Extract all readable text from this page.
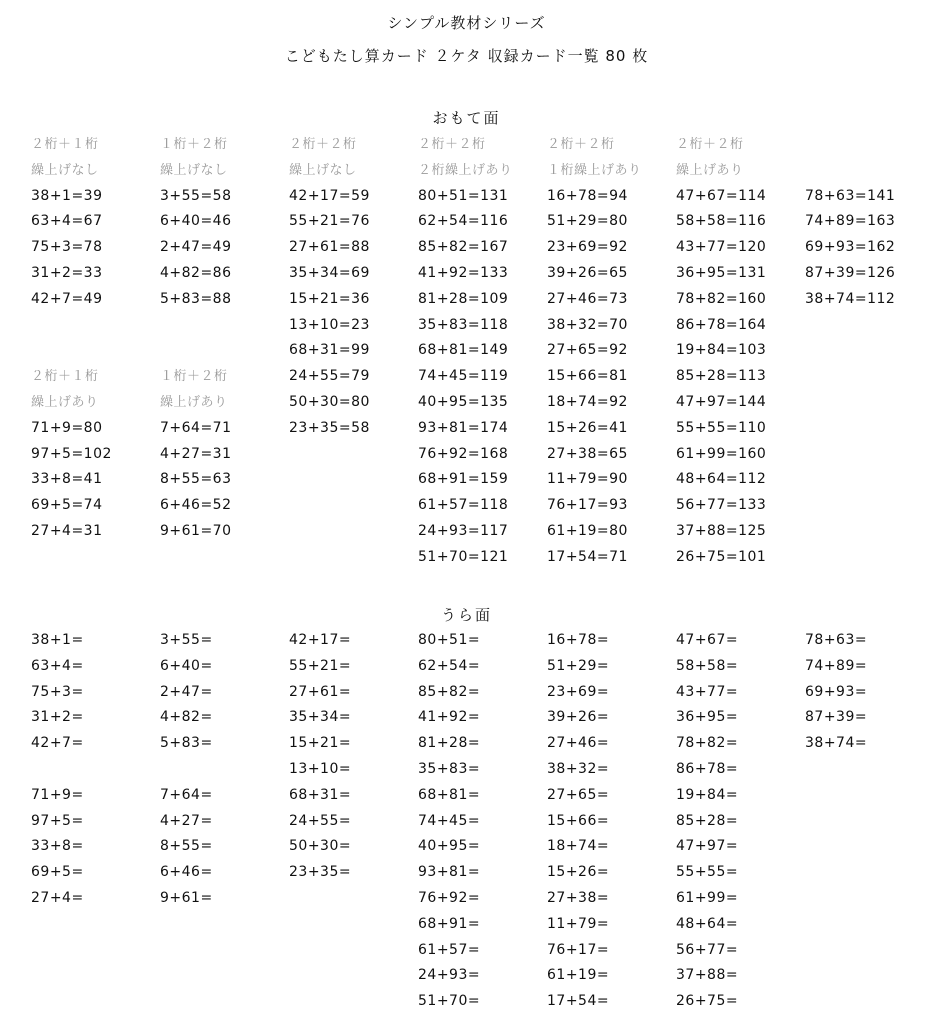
シンプル教材シリーズ
こどもたし算カード ２ケタ 収録カード一覧 80 枚
おもて面
２桁＋１桁
繰上げなし
38+1=39
63+4=67
75+3=78
31+2=33
42+7=49
２桁＋１桁
繰上げあり
71+9=80
97+5=102
33+8=41
69+5=74
27+4=31
１桁＋２桁
繰上げなし
3+55=58
6+40=46
2+47=49
4+82=86
5+83=88
１桁＋２桁
繰上げあり
7+64=71
4+27=31
8+55=63
6+46=52
9+61=70
２桁＋２桁
繰上げなし
42+17=59
55+21=76
27+61=88
35+34=69
15+21=36
13+10=23
68+31=99
24+55=79
50+30=80
23+35=58
２桁＋２桁
２桁繰上げあり
80+51=131
62+54=116
85+82=167
41+92=133
81+28=109
35+83=118
68+81=149
74+45=119
40+95=135
93+81=174
76+92=168
68+91=159
61+57=118
24+93=117
51+70=121
２桁＋２桁
１桁繰上げあり
16+78=94
51+29=80
23+69=92
39+26=65
27+46=73
38+32=70
27+65=92
15+66=81
18+74=92
15+26=41
27+38=65
11+79=90
76+17=93
61+19=80
17+54=71
２桁＋２桁
繰上げあり
47+67=114
58+58=116
43+77=120
36+95=131
78+82=160
86+78=164
19+84=103
85+28=113
47+97=144
55+55=110
61+99=160
48+64=112
56+77=133
37+88=125
26+75=101
78+63=141
74+89=163
69+93=162
87+39=126
38+74=112
うら面
38+1=
63+4=
75+3=
31+2=
42+7=
71+9=
97+5=
33+8=
69+5=
27+4=
3+55=
6+40=
2+47=
4+82=
5+83=
7+64=
4+27=
8+55=
6+46=
9+61=
42+17=
55+21=
27+61=
35+34=
15+21=
13+10=
68+31=
24+55=
50+30=
23+35=
80+51=
62+54=
85+82=
41+92=
81+28=
35+83=
68+81=
74+45=
40+95=
93+81=
76+92=
68+91=
61+57=
24+93=
51+70=
16+78=
51+29=
23+69=
39+26=
27+46=
38+32=
27+65=
15+66=
18+74=
15+26=
27+38=
11+79=
76+17=
61+19=
17+54=
47+67=
58+58=
43+77=
36+95=
78+82=
86+78=
19+84=
85+28=
47+97=
55+55=
61+99=
48+64=
56+77=
37+88=
26+75=
78+63=
74+89=
69+93=
87+39=
38+74=
